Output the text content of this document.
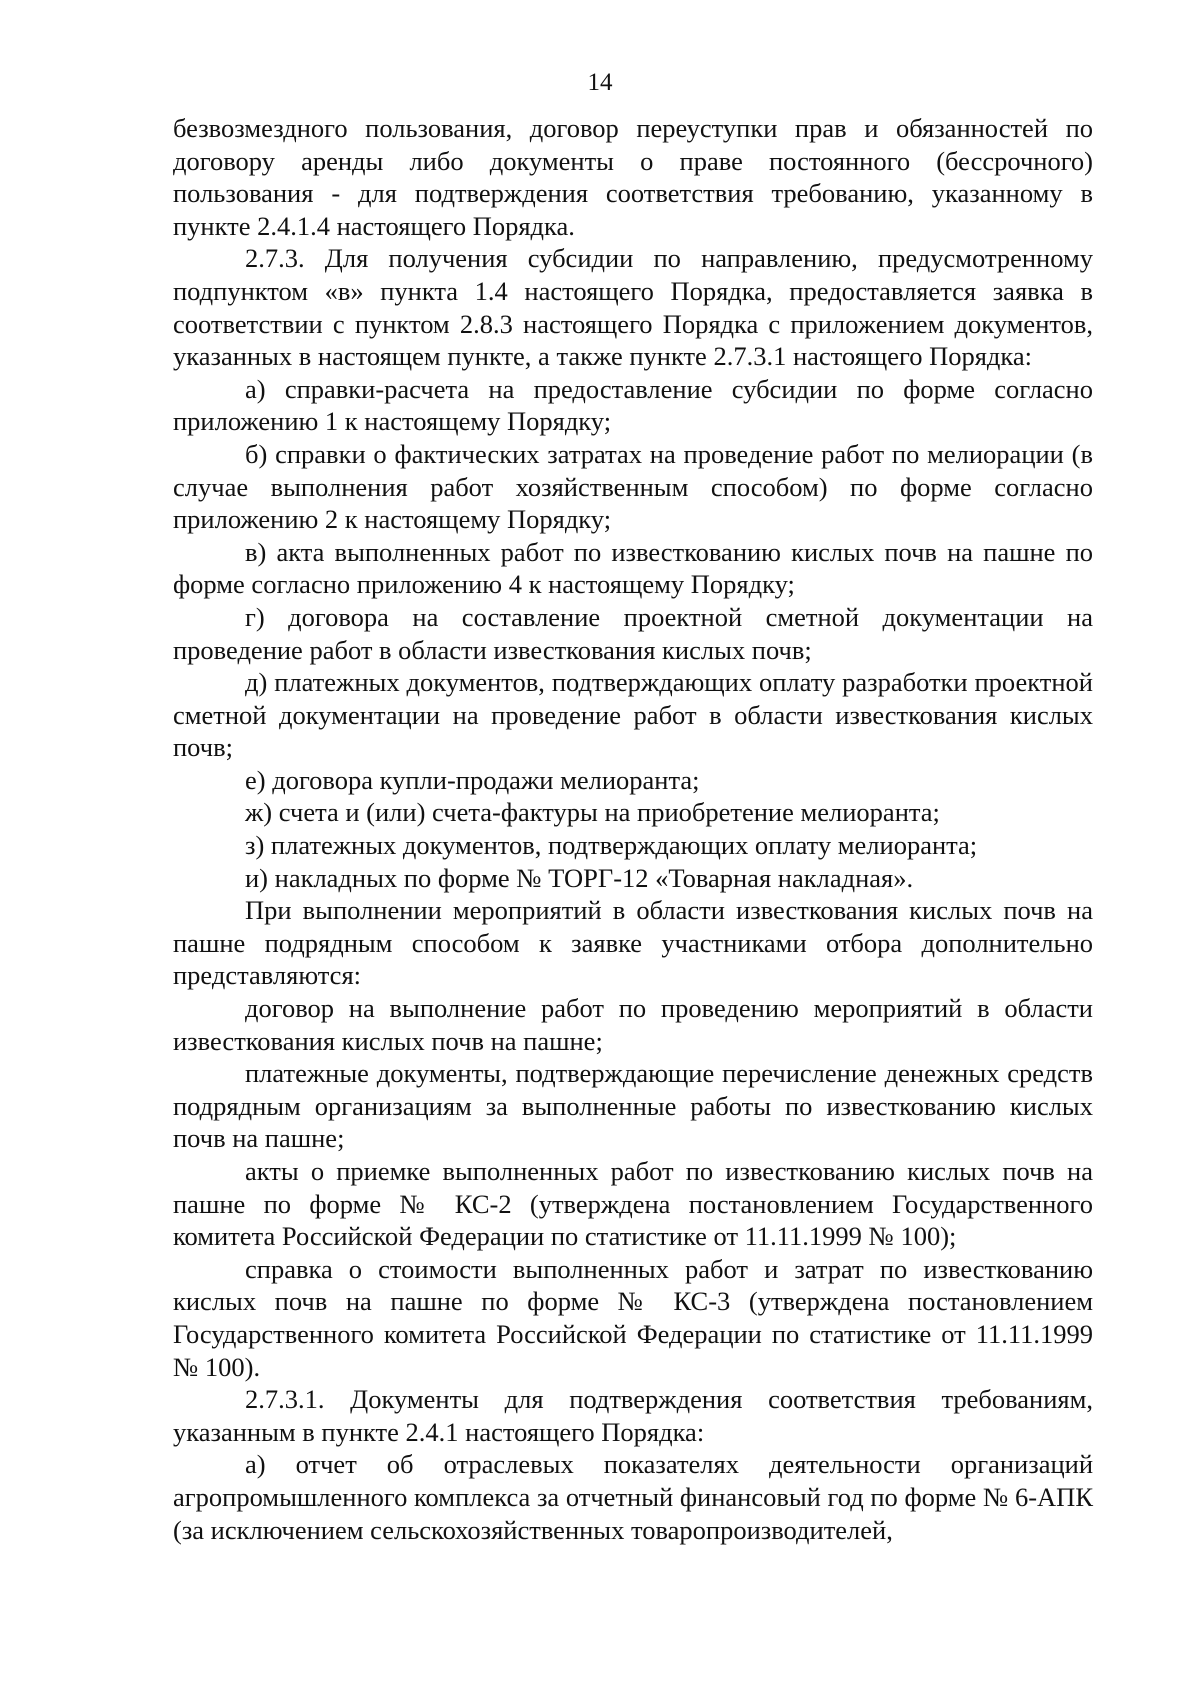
14

безвозмездного пользования, договор переуступки прав и обязанностей по договору аренды либо документы о праве постоянного (бессрочного) пользования - для подтверждения соответствия требованию, указанному в пункте 2.4.1.4 настоящего Порядка.

2.7.3. Для получения субсидии по направлению, предусмотренному подпунктом «в» пункта 1.4 настоящего Порядка, предоставляется заявка в соответствии с пунктом 2.8.3 настоящего Порядка с приложением документов, указанных в настоящем пункте, а также пункте 2.7.3.1 настоящего Порядка:

а) справки-расчета на предоставление субсидии по форме согласно приложению 1 к настоящему Порядку;

б) справки о фактических затратах на проведение работ по мелиорации (в случае выполнения работ хозяйственным способом) по форме согласно приложению 2 к настоящему Порядку;

в) акта выполненных работ по известкованию кислых почв на пашне по форме согласно приложению 4 к настоящему Порядку;

г) договора на составление проектной сметной документации на проведение работ в области известкования кислых почв;

д) платежных документов, подтверждающих оплату разработки проектной сметной документации на проведение работ в области известкования кислых почв;

е) договора купли-продажи мелиоранта;

ж) счета и (или) счета-фактуры на приобретение мелиоранта;

з) платежных документов, подтверждающих оплату мелиоранта;

и) накладных по форме № ТОРГ-12 «Товарная накладная».

При выполнении мероприятий в области известкования кислых почв на пашне подрядным способом к заявке участниками отбора дополнительно представляются:

договор на выполнение работ по проведению мероприятий в области известкования кислых почв на пашне;

платежные документы, подтверждающие перечисление денежных средств подрядным организациям за выполненные работы по известкованию кислых почв на пашне;

акты о приемке выполненных работ по известкованию кислых почв на пашне по форме № КС-2 (утверждена постановлением Государственного комитета Российской Федерации по статистике от 11.11.1999 № 100);

справка о стоимости выполненных работ и затрат по известкованию кислых почв на пашне по форме № КС-3 (утверждена постановлением Государственного комитета Российской Федерации по статистике от 11.11.1999 № 100).

2.7.3.1. Документы для подтверждения соответствия требованиям, указанным в пункте 2.4.1 настоящего Порядка:

а) отчет об отраслевых показателях деятельности организаций агропромышленного комплекса за отчетный финансовый год по форме № 6-АПК (за исключением сельскохозяйственных товаропроизводителей,
